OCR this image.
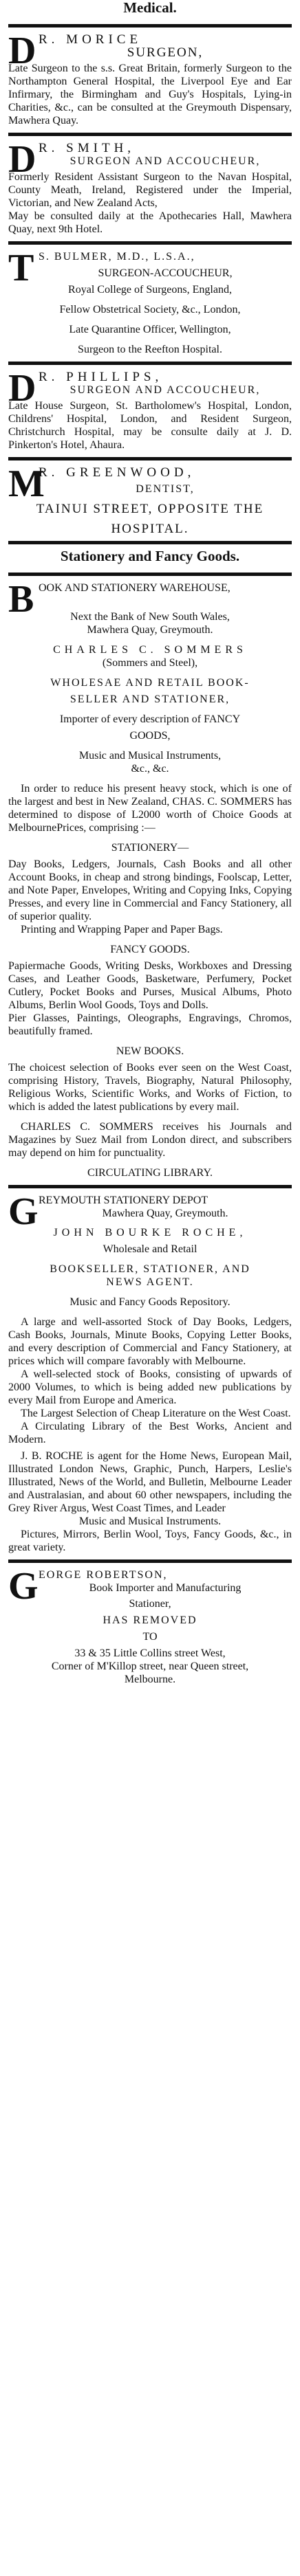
Medical.
D R. MORICE
SURGEON,

Late Surgeon to the s.s. Great Britain, formerly Surgeon to the Northampton General Hospital, the Liverpool Eye and Ear Infirmary, the Birmingham and Guy's Hospitals, Lying-in Charities, &c., can be consulted at the Greymouth Dispensary, Mawhera Quay.

D R. SMITH,
SURGEON AND ACCOUCHEUR,

Formerly Resident Assistant Surgeon to the Navan Hospital, County Meath, Ireland, Registered under the Imperial, Victorian, and New Zealand Acts,

May be consulted daily at the Apothecaries Hall, Mawhera Quay, next 9th Hotel.

T S. BULMER, M.D., L.S.A.,
SURGEON-ACCOUCHEUR,

Royal College of Surgeons, England,

Fellow Obstetrical Society, &c., London,

Late Quarantine Officer, Wellington,

Surgeon to the Reefton Hospital.

D R. PHILLIPS,
SURGEON AND ACCOUCHEUR,

Late House Surgeon, St. Bartholomew's Hospital, London, Childrens' Hospital, London, and Resident Surgeon, Christchurch Hospital, may be consulte daily at J. D. Pinkerton's Hotel, Ahaura.

M
R. GREENWOOD,
DENTIST,

TAINUI STREET, OPPOSITE THE

HOSPITAL.

Stationery and Fancy Goods.
B OOK AND STATIONERY WAREHOUSE,

Next the Bank of New South Wales,

Mawhera Quay, Greymouth.

CHARLES C. SOMMERS

(Sommers and Steel),

WHOLESAE AND RETAIL BOOK-

SELLER AND STATIONER,

Importer of every description of FANCY

GOODS,

Music and Musical Instruments,

&c., &c.

In order to reduce his present heavy stock, which is one of the largest and best in New Zealand, CHAS. C. SOMMERS has determined to dispose of L2000 worth of Choice Goods at MelbournePrices, comprising :—

STATIONERY—

Day Books, Ledgers, Journals, Cash Books and all other Account Books, in cheap and strong bindings, Foolscap, Letter, and Note Paper, Envelopes, Writing and Copying Inks, Copying Presses, and every line in Commercial and Fancy Stationery, all of superior quality.

Printing and Wrapping Paper and Paper Bags.

FANCY GOODS.

Papiermache Goods, Writing Desks, Workboxes and Dressing Cases, and Leather Goods, Basketware, Perfumery, Pocket Cutlery, Pocket Books and Purses, Musical Albums, Photo Albums, Berlin Wool Goods, Toys and Dolls.

Pier Glasses, Paintings, Oleographs, Engravings, Chromos, beautifully framed.

NEW BOOKS.

The choicest selection of Books ever seen on the West Coast, comprising History, Travels, Biography, Natural Philosophy, Religious Works, Scientific Works, and Works of Fiction, to which is added the latest publications by every mail.

CHARLES C. SOMMERS receives his Journals and Magazines by Suez Mail from London direct, and subscribers may depend on him for punctuality.

CIRCULATING LIBRARY.

G REYMOUTH STATIONERY DEPOT
Mawhera Quay, Greymouth.

JOHN BOURKE ROCHE,

Wholesale and Retail

BOOKSELLER, STATIONER, AND

NEWS AGENT.

Music and Fancy Goods Repository.

A large and well-assorted Stock of Day Books, Ledgers, Cash Books, Journals, Minute Books, Copying Letter Books, and every description of Commercial and Fancy Stationery, at prices which will compare favorably with Melbourne.

A well-selected stock of Books, consisting of upwards of 2000 Volumes, to which is being added new publications by every Mail from Europe and America.

The Largest Selection of Cheap Literature on the West Coast.

A Circulating Library of the Best Works, Ancient and Modern.

J. B. ROCHE is agent for the Home News, European Mail, Illustrated London News, Graphic, Punch, Harpers, Leslie's Illustrated, News of the World, and Bulletin, Melbourne Leader and Australasian, and about 60 other newspapers, including the Grey River Argus, West Coast Times, and Leader

Music and Musical Instruments.

Pictures, Mirrors, Berlin Wool, Toys, Fancy Goods, &c., in great variety.

G EORGE ROBERTSON,
Book Importer and Manufacturing

Stationer,

HAS REMOVED

TO

33 & 35 Little Collins street West,

Corner of M'Killop street, near Queen street,

Melbourne.
